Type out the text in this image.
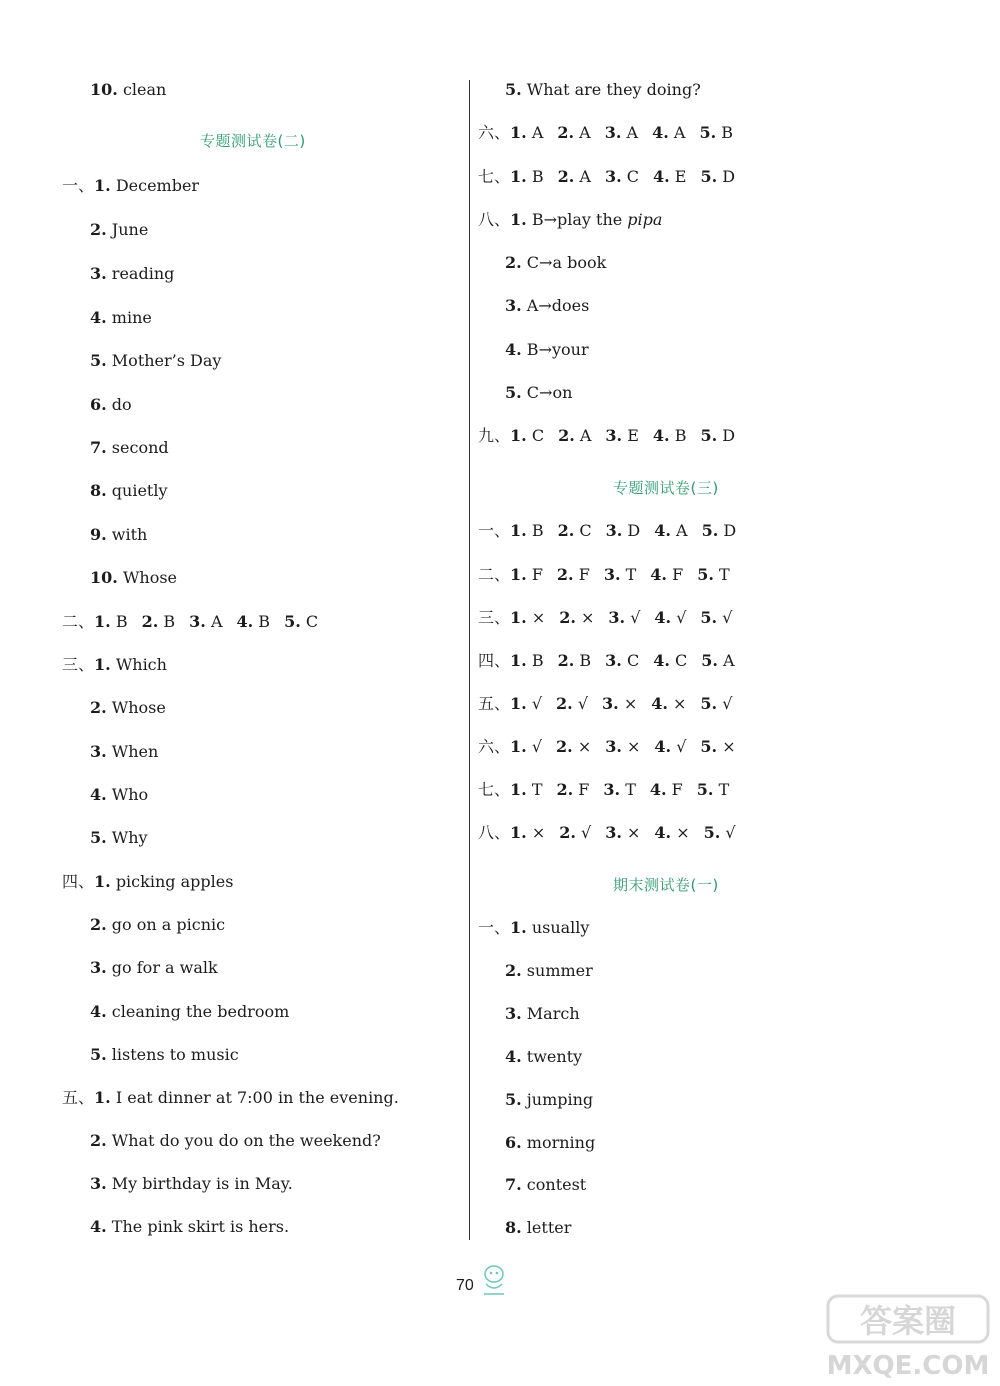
10. clean
专题测试卷(二)
一、1. December
2. June
3. reading
4. mine
5. Mother’s Day
6. do
7. second
8. quietly
9. with
10. Whose
二、1. B 2. B 3. A 4. B 5. C
三、1. Which
2. Whose
3. When
4. Who
5. Why
四、1. picking apples
2. go on a picnic
3. go for a walk
4. cleaning the bedroom
5. listens to music
五、1. I eat dinner at 7:00 in the evening.
2. What do you do on the weekend?
3. My birthday is in May.
4. The pink skirt is hers.
5. What are they doing?
六、1. A 2. A 3. A 4. A 5. B
七、1. B 2. A 3. C 4. E 5. D
八、1. B→play the pipa
2. C→a book
3. A→does
4. B→your
5. C→on
九、1. C 2. A 3. E 4. B 5. D
专题测试卷(三)
一、1. B 2. C 3. D 4. A 5. D
二、1. F 2. F 3. T 4. F 5. T
三、1. × 2. × 3. √ 4. √ 5. √
四、1. B 2. B 3. C 4. C 5. A
五、1. √ 2. √ 3. × 4. × 5. √
六、1. √ 2. × 3. × 4. √ 5. ×
七、1. T 2. F 3. T 4. F 5. T
八、1. × 2. √ 3. × 4. × 5. √
期末测试卷(一)
一、1. usually
2. summer
3. March
4. twenty
5. jumping
6. morning
7. contest
8. letter
70
答案圈
MXQE.COM
